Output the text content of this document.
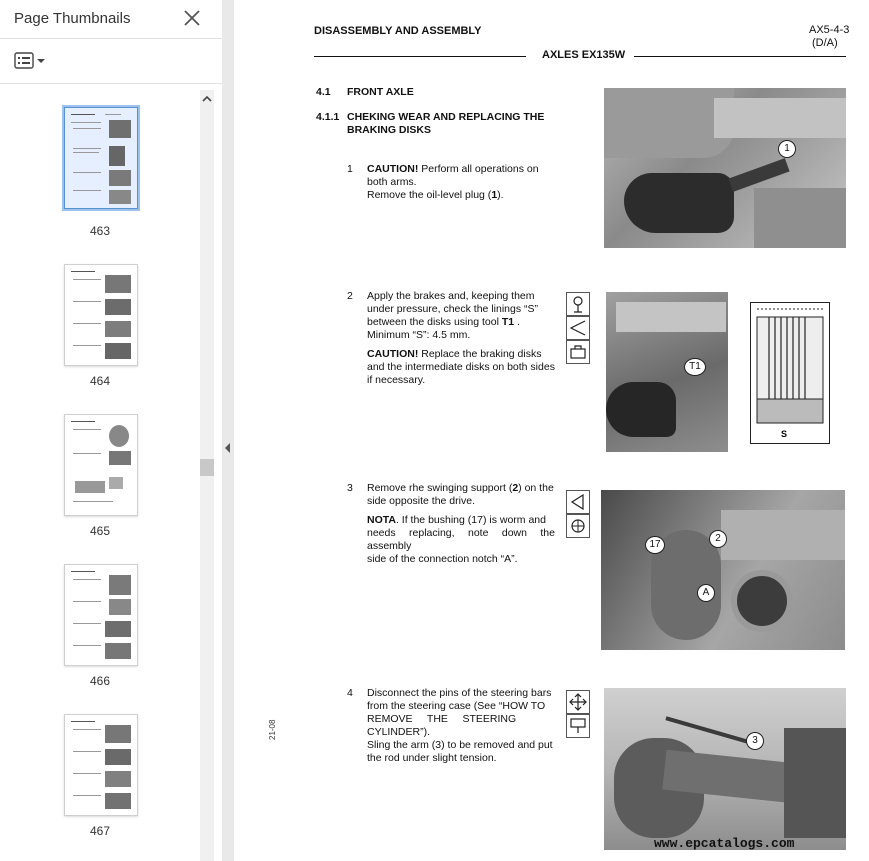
Page Thumbnails
463
464
465
466
467
DISASSEMBLY AND ASSEMBLY	AX5-4-3
(D/A)
AXLES EX135W
4.1 FRONT AXLE
4.1.1 CHEKING WEAR AND REPLACING THE
BRAKING DISKS
1 CAUTION! Perform all operations on
both arms.
Remove the oil-level plug (1).
1
2 Apply the brakes and, keeping them
under pressure, check the linings “S”
between the disks using tool T1 .
Minimum “S”: 4.5 mm.
CAUTION! Replace the braking disks
and the intermediate disks on both sides
if necessary.
T1
S
3 Remove rhe swinging support (2) on the
side opposite the drive.
NOTA. If the bushing (17) is worm and
needs replacing, note down the assembly
side of the connection notch “A”.
17
2
A
4 Disconnect the pins of the steering bars
from the steering case (See “HOW TO
REMOVE     THE     STEERING
CYLINDER”).
Sling the arm (3) to be removed and put
the rod under slight tension.
3
21-08
www.epcatalogs.com
